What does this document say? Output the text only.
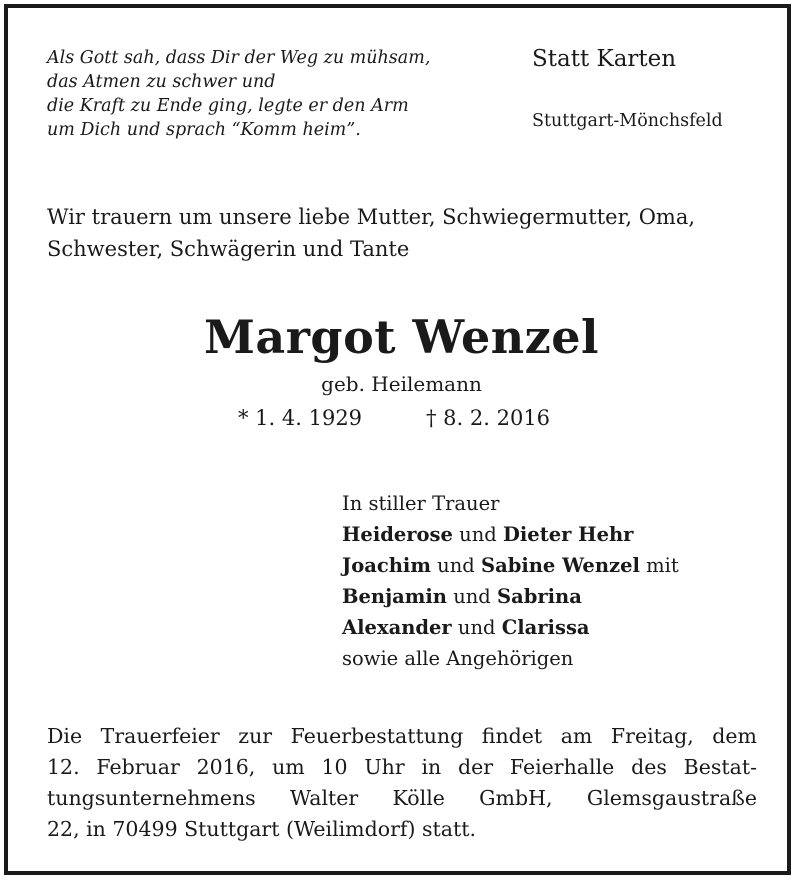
Als Gott sah, dass Dir der Weg zu mühsam,
das Atmen zu schwer und
die Kraft zu Ende ging, legte er den Arm
um Dich und sprach “Komm heim”.
Statt Karten
Stuttgart-Mönchsfeld
Wir trauern um unsere liebe Mutter, Schwiegermutter, Oma,
Schwester, Schwägerin und Tante
Margot Wenzel
geb. Heilemann
* 1. 4. 1929	† 8. 2. 2016
In stiller Trauer
Heiderose und Dieter Hehr
Joachim und Sabine Wenzel mit
Benjamin und Sabrina
Alexander und Clarissa
sowie alle Angehörigen
Die Trauerfeier zur Feuerbestattung findet am Freitag, dem
12. Februar 2016, um 10 Uhr in der Feierhalle des Bestat-
tungsunternehmens Walter Kölle GmbH, Glemsgaustraße
22, in 70499 Stuttgart (Weilimdorf) statt.
